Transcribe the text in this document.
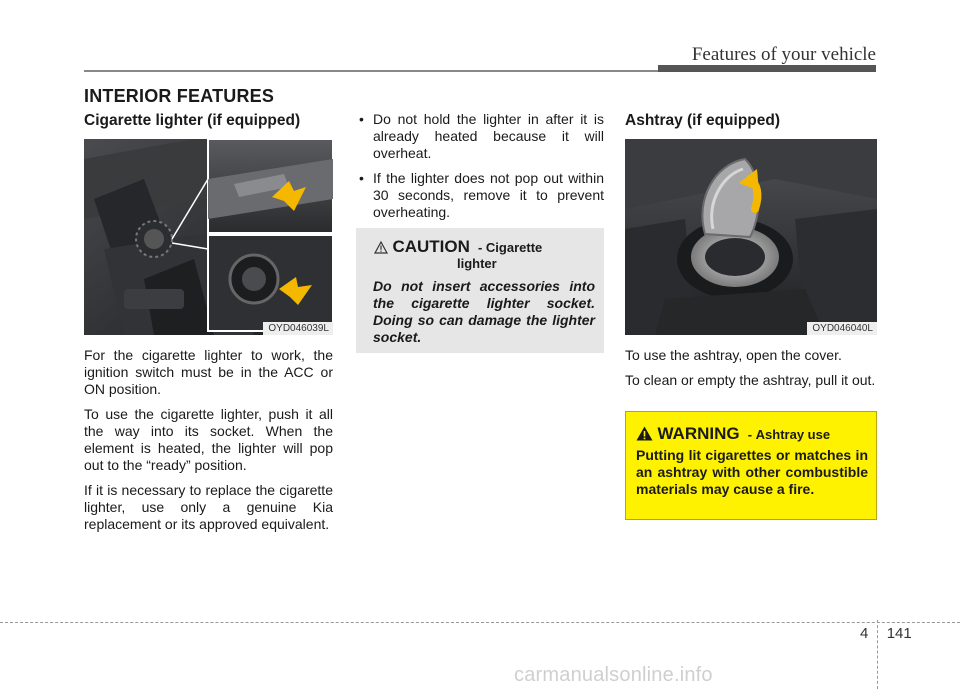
Features of your vehicle
INTERIOR FEATURES
Cigarette lighter (if equipped)
OYD046039L

For the cigarette lighter to work, the ignition switch must be in the ACC or ON position.

To use the cigarette lighter, push it all the way into its socket. When the element is heated, the lighter will pop out to the “ready” position.

If it is necessary to replace the cigarette lighter, use only a genuine Kia replacement or its approved equivalent.

• Do not hold the lighter in after it is already heated because it will overheat.
• If the lighter does not pop out within 30 seconds, remove it to prevent overheating.
CAUTION  - Cigarette
lighter
Do not insert accessories into the cigarette lighter socket. Doing so can damage the lighter socket.
Ashtray (if equipped)
OYD046040L

To use the ashtray, open the cover.

To clean or empty the ashtray, pull it out.

WARNING  - Ashtray use
Putting lit cigarettes or matches in an ashtray with other combustible materials may cause a fire.
4 141
carmanualsonline.info
